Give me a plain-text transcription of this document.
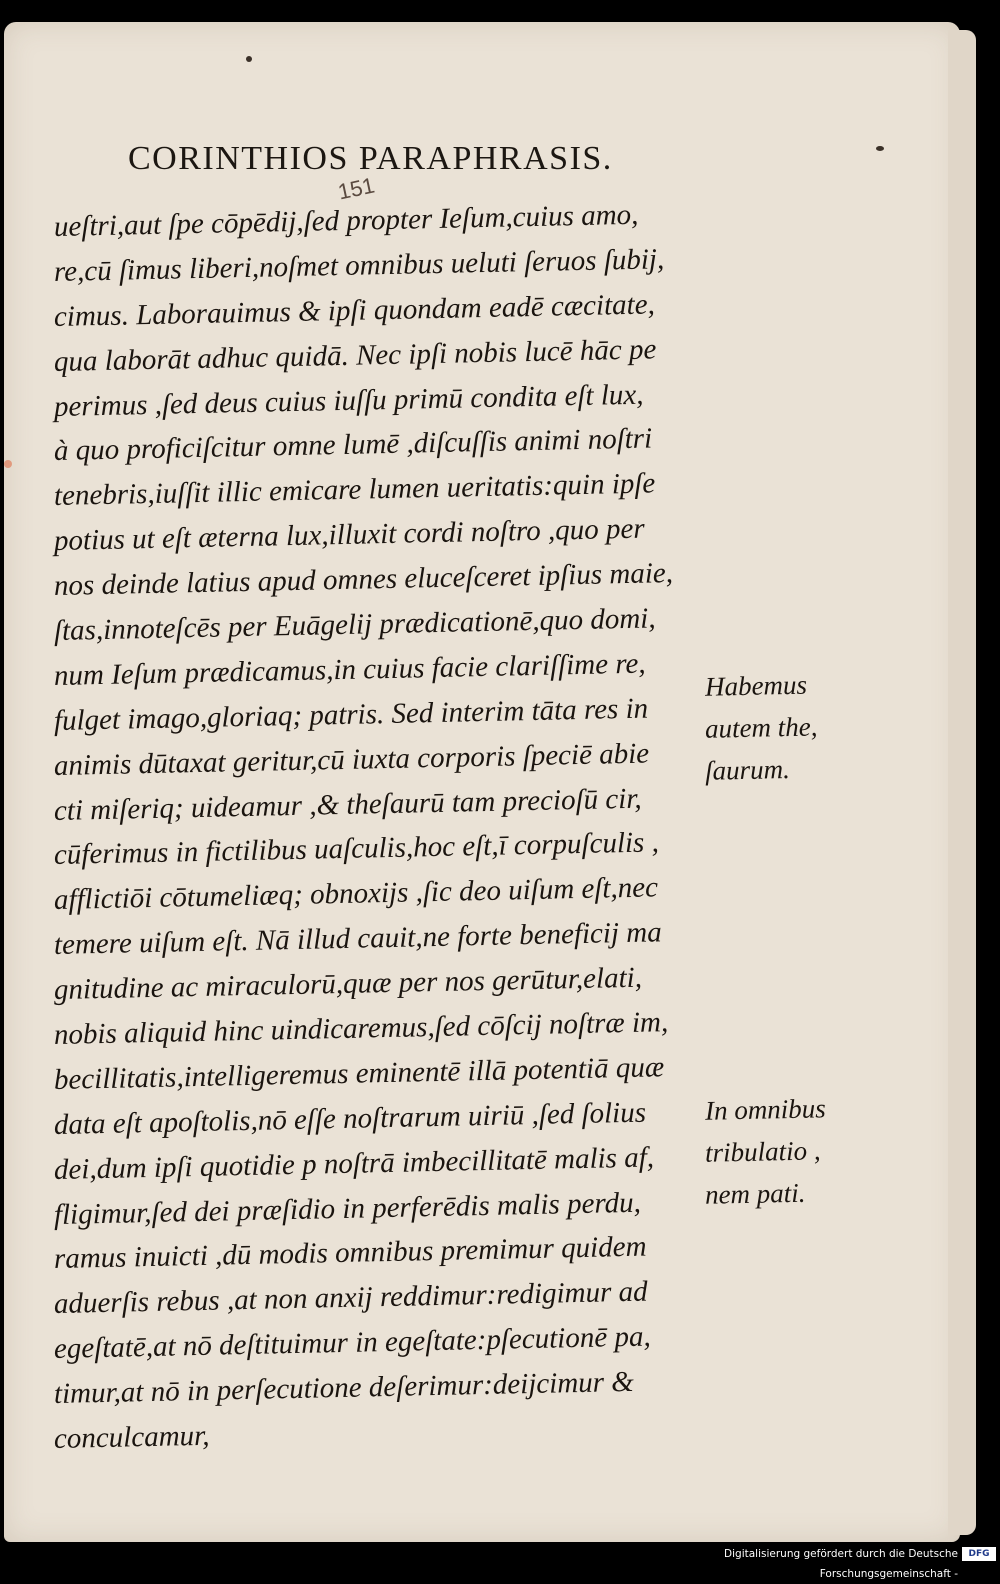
CORINTHIOS PARAPHRASIS.
151
ueſtri,aut ſpe cōpēdij,ſed propter Ieſum,cuius amo,
re,cū ſimus liberi,noſmet omnibus ueluti ſeruos ſubij,
cimus. Laborauimus & ipſi quondam eadē cæcitate,
qua laborāt adhuc quidā. Nec ipſi nobis lucē hāc pe
perimus ,ſed deus cuius iuſſu primū condita eſt lux,
à quo proficiſcitur omne lumē ,diſcuſſis animi noſtri
tenebris,iuſſit illic emicare lumen ueritatis:quin ipſe
potius ut eſt æterna lux,illuxit cordi noſtro ,quo per
nos deinde latius apud omnes eluceſceret ipſius maie,
ſtas,innoteſcēs per Euāgelij prædicationē,quo domi,
num Ieſum prædicamus,in cuius facie clariſſime re,
fulget imago,gloriaq; patris. Sed interim tāta res in
animis dūtaxat geritur,cū iuxta corporis ſpeciē abie
cti miſeriq; uideamur ,& theſaurū tam precioſū cir,
cūferimus in fictilibus uaſculis,hoc eſt,ī corpuſculis ,
afflictiōi cōtumeliæq; obnoxijs ,ſic deo uiſum eſt,nec
temere uiſum eſt. Nā illud cauit,ne forte beneficij ma
gnitudine ac miraculorū,quæ per nos gerūtur,elati,
nobis aliquid hinc uindicaremus,ſed cōſcij noſtræ im,
becillitatis,intelligeremus eminentē illā potentiā quæ
data eſt apoſtolis,nō eſſe noſtrarum uiriū ,ſed ſolius
dei,dum ipſi quotidie p noſtrā imbecillitatē malis af,
fligimur,ſed dei præſidio in perferēdis malis perdu,
ramus inuicti ,dū modis omnibus premimur quidem
aduerſis rebus ,at non anxij reddimur:redigimur ad
egeſtatē,at nō deſtituimur in egeſtate:pſecutionē pa,
timur,at nō in perſecutione deſerimur:deijcimur &
conculcamur,
Habemus
autem the,
ſaurum.
In omnibus
tribulatio ,
nem pati.
Digitalisierung gefördert durch die Deutsche Forschungsgemeinschaft -
DFG
